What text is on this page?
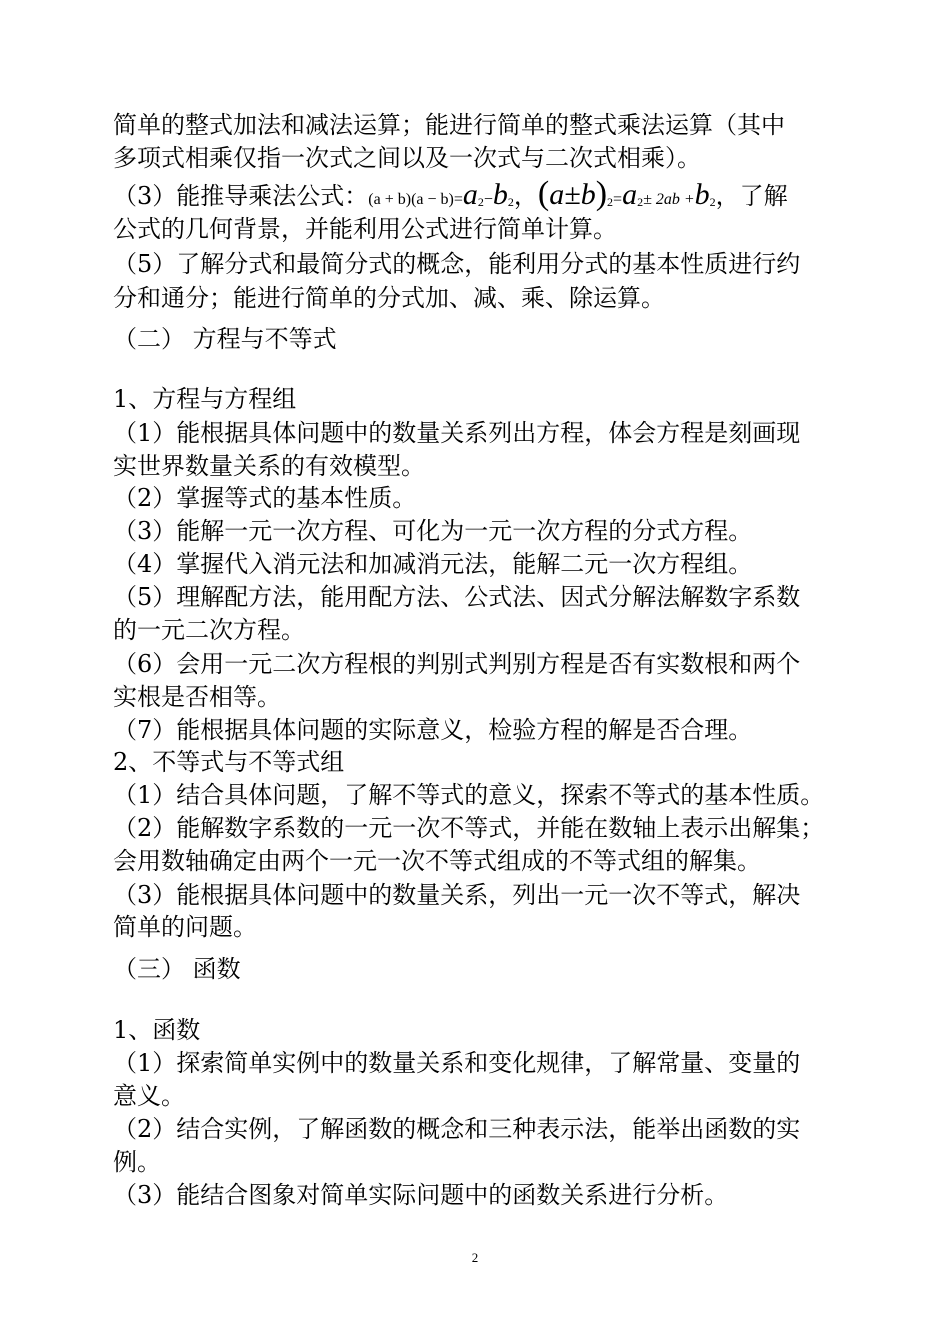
简单的整式加法和减法运算；能进行简单的整式乘法运算（其中
多项式相乘仅指一次式之间以及一次式与二次式相乘）。
（3）能推导乘法公式：(a + b)(a − b)=a2−b2，(a±b)2=a2± 2ab +b2，了解
公式的几何背景，并能利用公式进行简单计算。
（5）了解分式和最简分式的概念，能利用分式的基本性质进行约
分和通分；能进行简单的分式加、减、乘、除运算。
（二） 方程与不等式
1、方程与方程组
（1）能根据具体问题中的数量关系列出方程，体会方程是刻画现
实世界数量关系的有效模型。
（2）掌握等式的基本性质。
（3）能解一元一次方程、可化为一元一次方程的分式方程。
（4）掌握代入消元法和加减消元法，能解二元一次方程组。
（5）理解配方法，能用配方法、公式法、因式分解法解数字系数
的一元二次方程。
（6）会用一元二次方程根的判别式判别方程是否有实数根和两个
实根是否相等。
（7）能根据具体问题的实际意义，检验方程的解是否合理。
2、不等式与不等式组
（1）结合具体问题，了解不等式的意义，探索不等式的基本性质。
（2）能解数字系数的一元一次不等式，并能在数轴上表示出解集；
会用数轴确定由两个一元一次不等式组成的不等式组的解集。
（3）能根据具体问题中的数量关系，列出一元一次不等式，解决
简单的问题。
（三） 函数
1、函数
（1）探索简单实例中的数量关系和变化规律，了解常量、变量的
意义。
（2）结合实例，了解函数的概念和三种表示法，能举出函数的实
例。
（3）能结合图象对简单实际问题中的函数关系进行分析。
2
